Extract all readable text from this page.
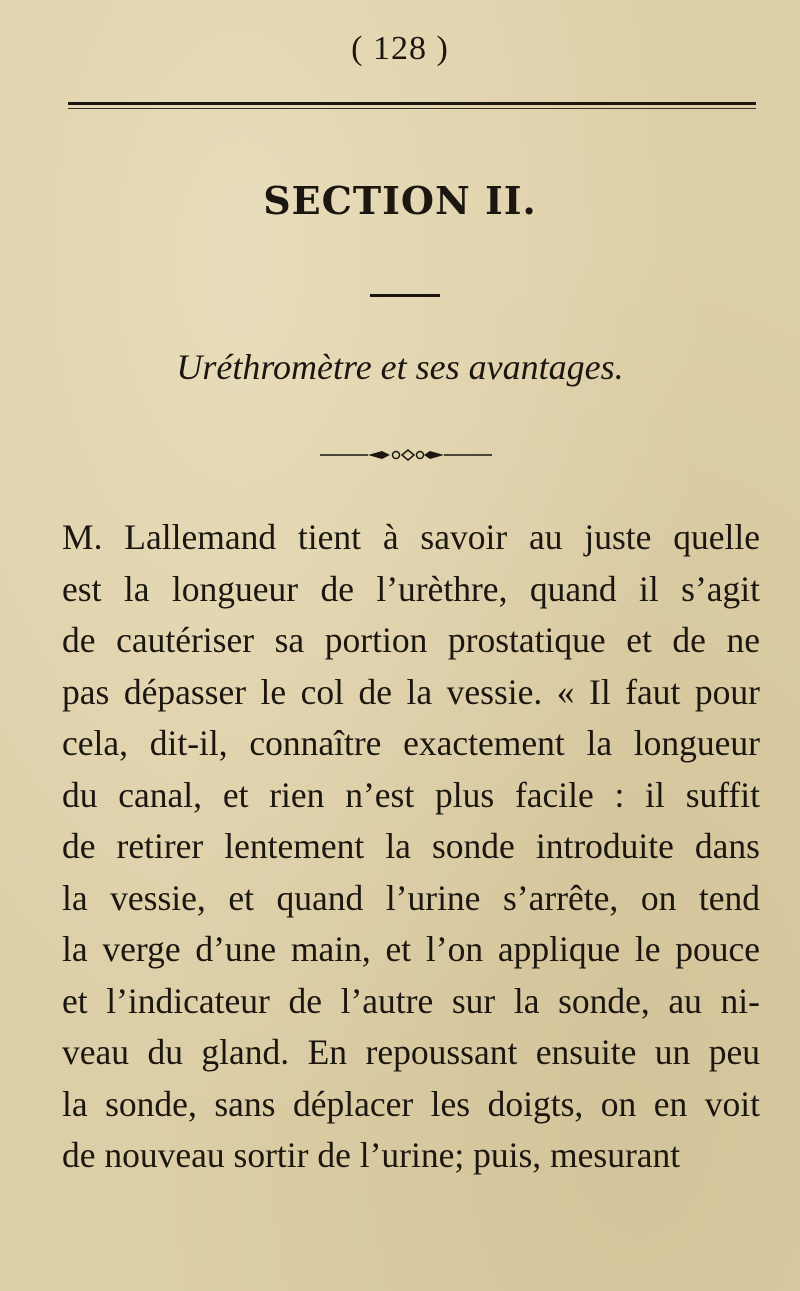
( 128 )
SECTION II.
Uréthromètre et ses avantages.
M. Lallemand tient à savoir au juste quelle
est la longueur de l’urèthre, quand il s’agit
de cautériser sa portion prostatique et de ne
pas dépasser le col de la vessie. « Il faut pour
cela, dit-il, connaître exactement la longueur
du canal, et rien n’est plus facile : il suffit
de retirer lentement la sonde introduite dans
la vessie, et quand l’urine s’arrête, on tend
la verge d’une main, et l’on applique le pouce
et l’indicateur de l’autre sur la sonde, au ni-
veau du gland. En repoussant ensuite un peu
la sonde, sans déplacer les doigts, on en voit
de nouveau sortir de l’urine; puis, mesurant
